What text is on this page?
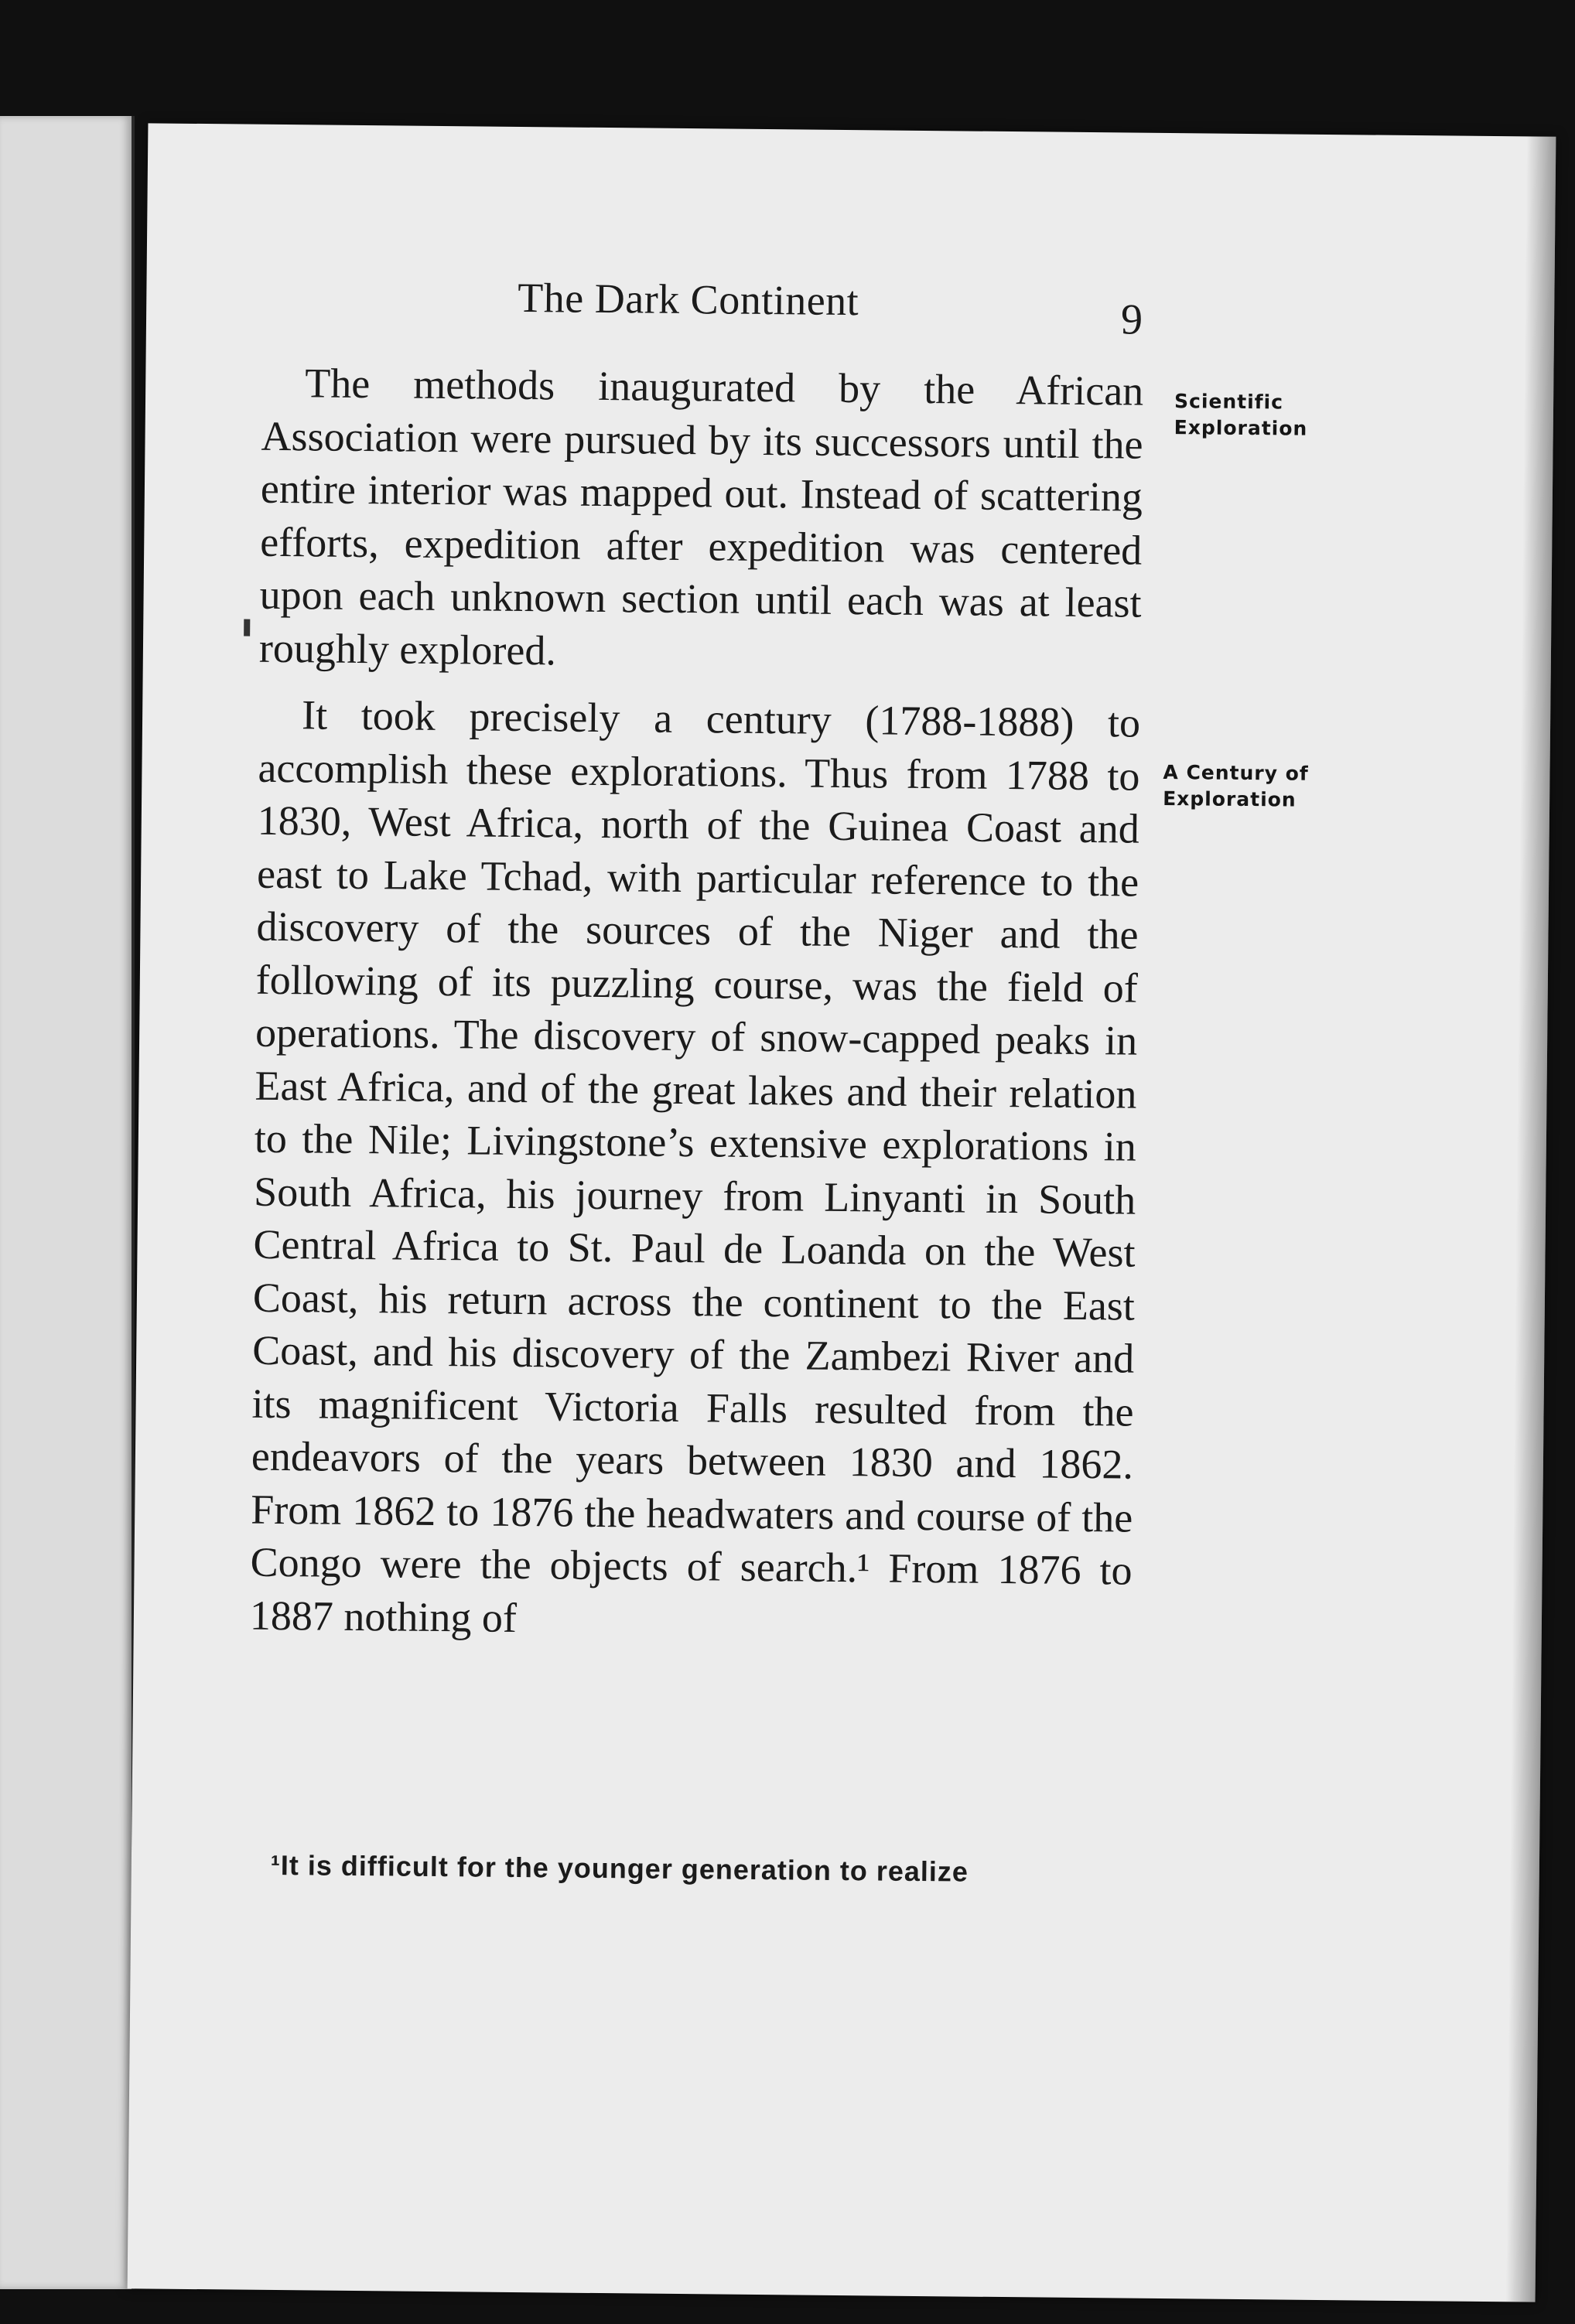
The Dark Continent	9

The methods inaugurated by the African Association were pursued by its successors until the entire interior was mapped out. Instead of scattering efforts, expedition after expedition was centered upon each unknown section until each was at least roughly explored.

It took precisely a century (1788-1888) to accomplish these explorations. Thus from 1788 to 1830, West Africa, north of the Guinea Coast and east to Lake Tchad, with particular reference to the discovery of the sources of the Niger and the following of its puzzling course, was the field of operations. The discovery of snow-capped peaks in East Africa, and of the great lakes and their relation to the Nile; Livingstone’s extensive explorations in South Africa, his journey from Linyanti in South Central Africa to St. Paul de Loanda on the West Coast, his return across the continent to the East Coast, and his discovery of the Zambezi River and its magnificent Victoria Falls resulted from the endeavors of the years between 1830 and 1862. From 1862 to 1876 the headwaters and course of the Congo were the objects of search.¹ From 1876 to 1887 nothing of

Scientific Exploration
A Century of Exploration
¹It is difficult for the younger generation to realize
